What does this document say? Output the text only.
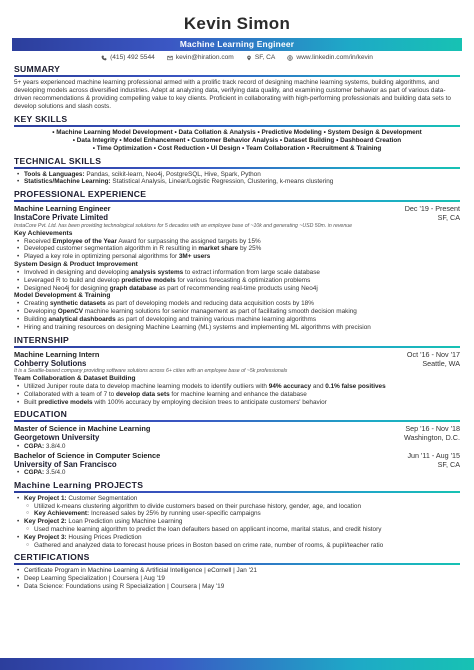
Kevin Simon
Machine Learning Engineer
(415) 492 5544	kevin@hiration.com	SF, CA	www.linkedin.com/in/kevin
SUMMARY
5+ years experienced machine learning professional armed with a prolific track record of designing machine learning systems, building algorithms, and developing models across diversified industries. Adept at analyzing data, verifying data quality, and examining customer behavior as part of various data-driven recommendations & providing compelling value to key clients. Proficient in collaborating with high-performing professionals and building data sets to develop solutions and slash costs.
KEY SKILLS
• Machine Learning Model Development • Data Collation & Analysis • Predictive Modeling • System Design & Development
• Data Integrity • Model Enhancement • Customer Behavior Analysis • Dataset Building • Dashboard Creation
• Time Optimization • Cost Reduction • UI Design • Team Collaboration • Recruitment & Training
TECHNICAL SKILLS
• Tools & Languages: Pandas, scikit-learn, Neo4j, PostgreSQL, Hive, Spark, Python
• Statistics/Machine Learning: Statistical Analysis, Linear/Logistic Regression, Clustering, k-means clustering
PROFESSIONAL EXPERIENCE
Machine Learning Engineer	Dec '19 - Present
InstaCore Private Limited	SF, CA
InstaCore Pvt. Ltd. has been providing technological solutions for 5 decades with an employee base of ~10k and generating ~USD 50m. in revenue
Key Achievements
• Received Employee of the Year Award for surpassing the assigned targets by 15%
• Developed customer segmentation algorithm in R resulting in market share by 25%
• Played a key role in optimizing personal algorithms for 3M+ users
System Design & Product Improvement
• Involved in designing and developing analysis systems to extract information from large scale database
• Leveraged R to build and develop predictive models for various forecasting & optimization problems
• Designed Neo4j for designing graph database as part of recommending real-time products using Neo4j
Model Development & Training
• Creating synthetic datasets as part of developing models and reducing data acquisition costs by 18%
• Developing OpenCV machine learning solutions for senior management as part of facilitating smooth decision making
• Building analytical dashboards as part of developing and training various machine learning algorithms
• Hiring and training resources on designing Machine Learning (ML) systems and implementing ML algorithms with precision
INTERNSHIP
Machine Learning Intern	Oct '16 - Nov '17
Cohberry Solutions	Seattle, WA
It is a Seattle-based company providing software solutions across 6+ cities with an employee base of ~5k professionals
Team Collaboration & Dataset Building
• Utilized Juniper route data to develop machine learning models to identify outliers with 94% accuracy and 0.1% false positives
• Collaborated with a team of 7 to develop data sets for machine learning and enhance the database
• Built predictive models with 100% accuracy by employing decision trees to anticipate customers' behavior
EDUCATION
Master of Science in Machine Learning	Sep '16 - Nov '18
Georgetown University	Washington, D.C.
• CGPA: 3.8/4.0
Bachelor of Science in Computer Science	Jun '11 - Aug '15
University of San Francisco	SF, CA
• CGPA: 3.5/4.0
Machine Learning PROJECTS
• Key Project 1: Customer Segmentation
○ Utilized k-means clustering algorithm to divide customers based on their purchase history, gender, age, and location
○ Key Achievement: Increased sales by 25% by running user-specific campaigns
• Key Project 2: Loan Prediction using Machine Learning
○ Used machine learning algorithm to predict the loan defaulters based on applicant income, marital status, and credit history
• Key Project 3: Housing Prices Prediction
○ Gathered and analyzed data to forecast house prices in Boston based on crime rate, number of rooms, & pupil/teacher ratio
CERTIFICATIONS
• Certificate Program in Machine Learning & Artificial Intelligence | eCornell | Jan '21
• Deep Learning Specialization | Coursera | Aug '19
• Data Science: Foundations using R Specialization | Coursera | May '19
